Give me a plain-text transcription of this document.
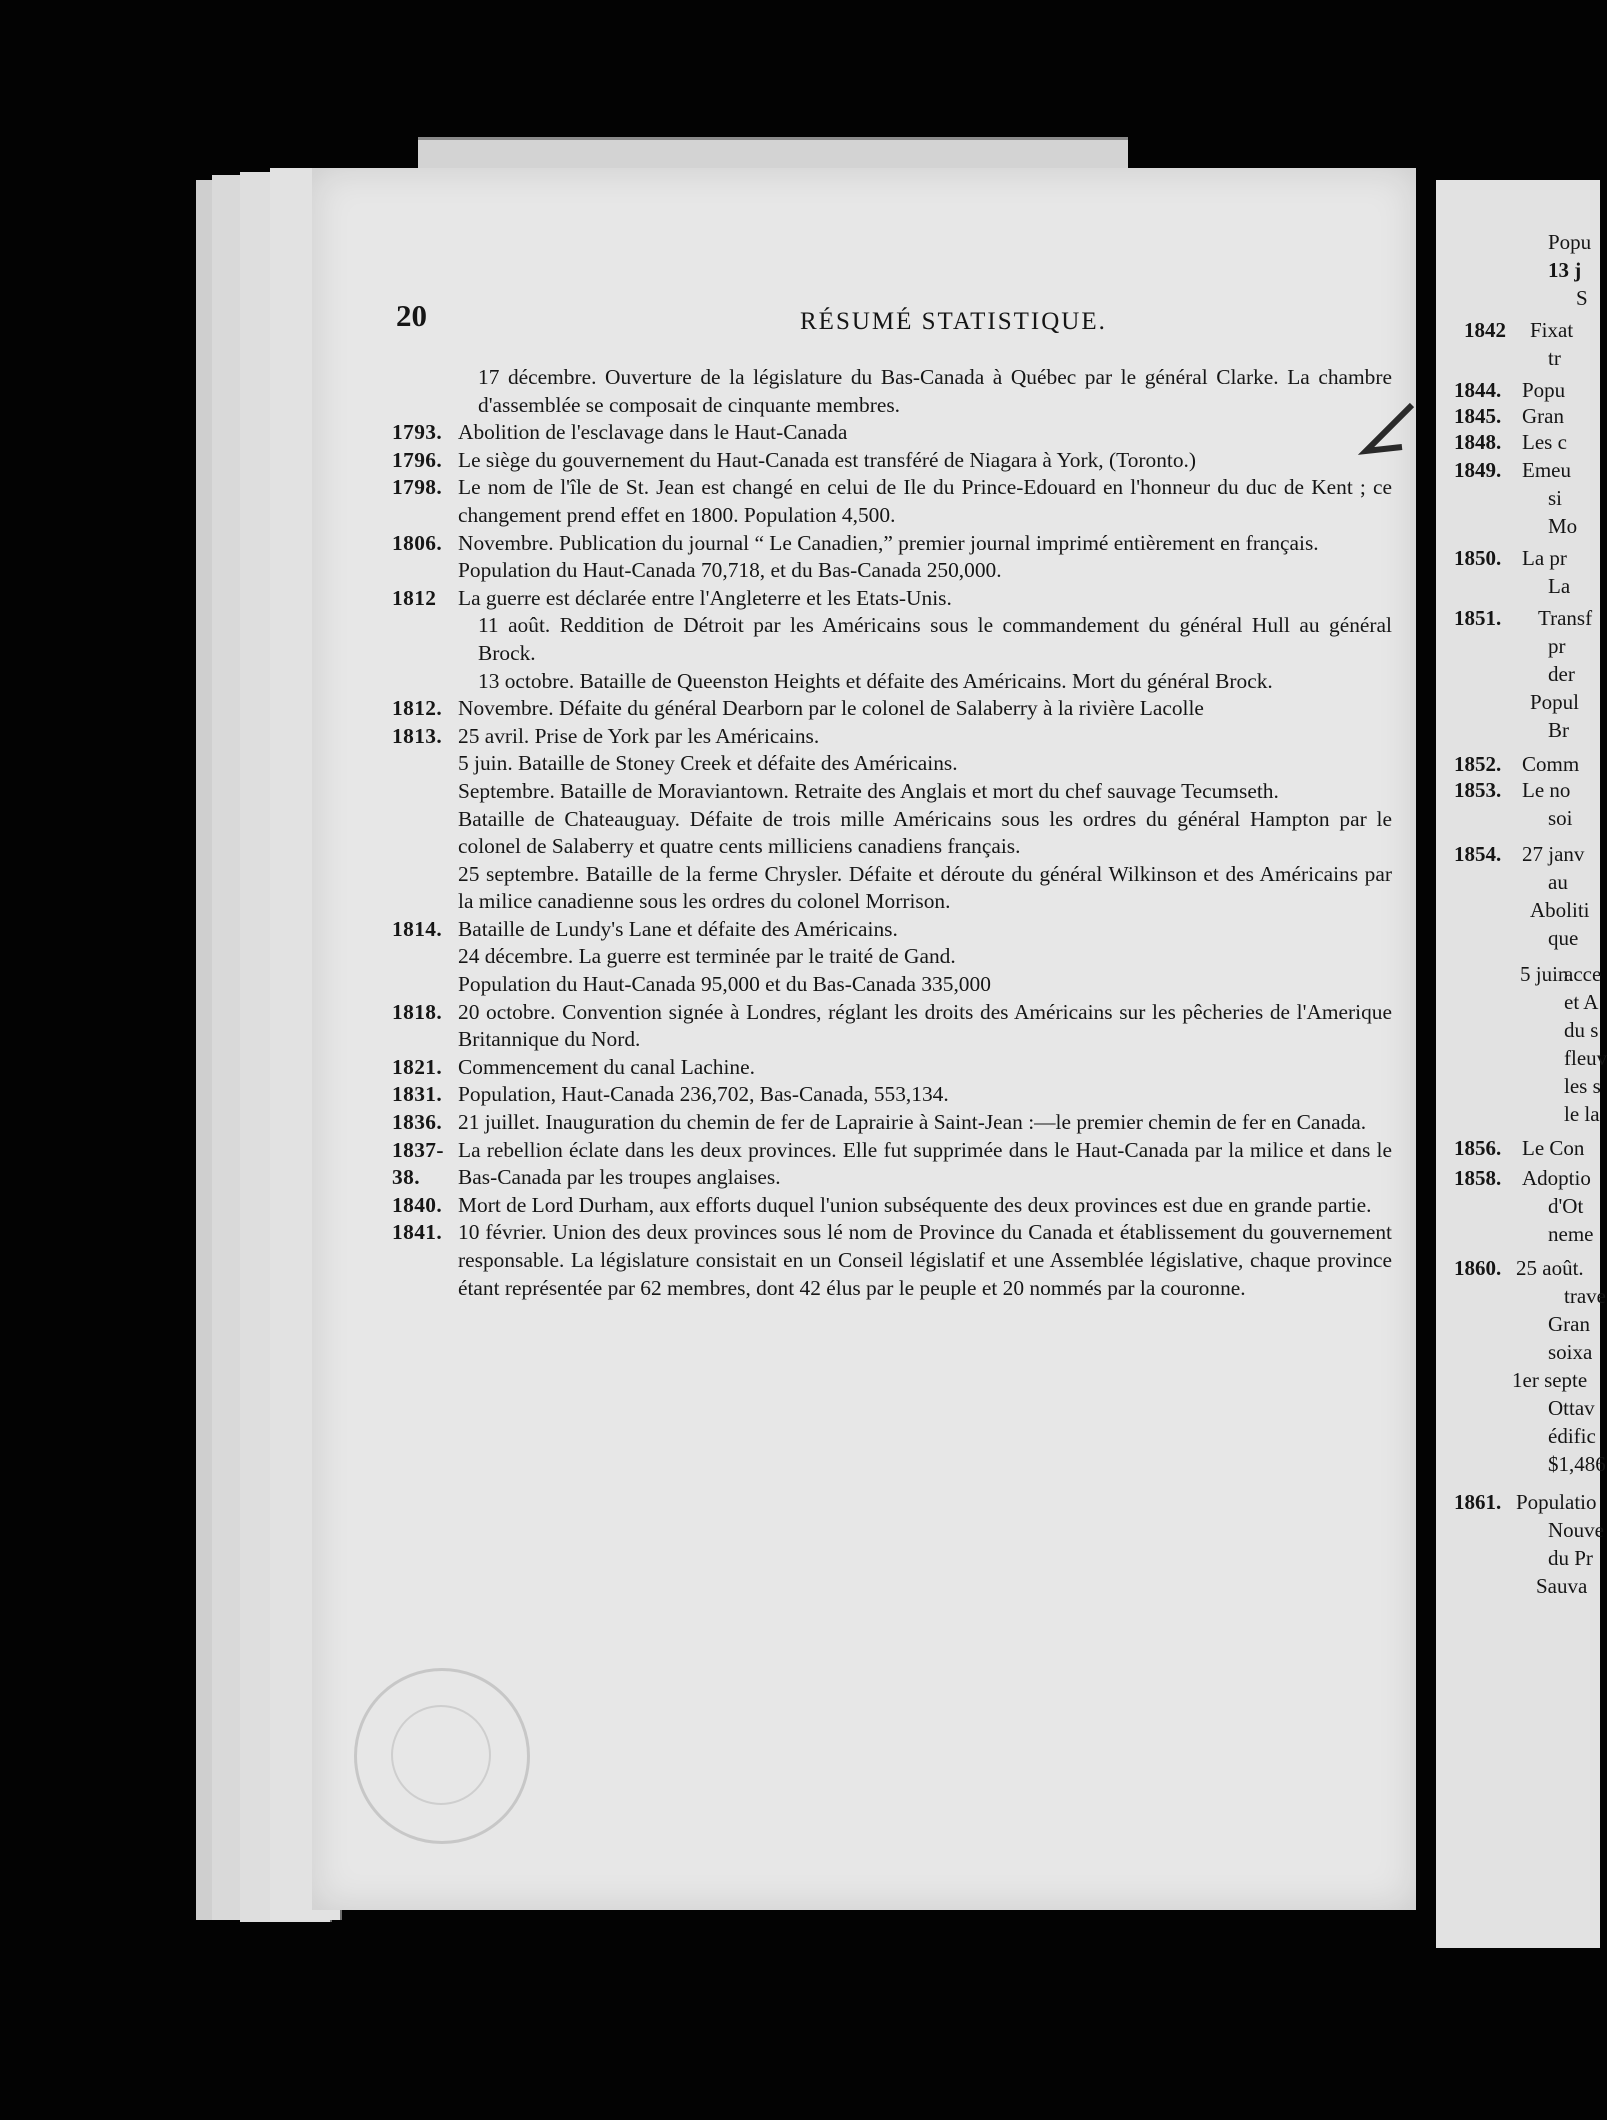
20	RÉSUMÉ STATISTIQUE.
17 décembre. Ouverture de la législature du Bas-Canada à Québec par le général Clarke. La chambre d'assemblée se composait de cinquante membres.
1793. Abolition de l'esclavage dans le Haut-Canada
1796. Le siège du gouvernement du Haut-Canada est transféré de Niagara à York, (Toronto.)
1798. Le nom de l'île de St. Jean est changé en celui de Ile du Prince-Edouard en l'honneur du duc de Kent ; ce changement prend effet en 1800. Population 4,500.
1806. Novembre. Publication du journal “ Le Canadien,” premier journal imprimé entièrement en français.
Population du Haut-Canada 70,718, et du Bas-Canada 250,000.
1812	La guerre est déclarée entre l'Angleterre et les Etats-Unis.
11 août. Reddition de Détroit par les Américains sous le commandement du général Hull au général Brock.
13 octobre. Bataille de Queenston Heights et défaite des Américains. Mort du général Brock.
1812. Novembre. Défaite du général Dearborn par le colonel de Salaberry à la rivière Lacolle
1813. 25 avril. Prise de York par les Américains.
5 juin. Bataille de Stoney Creek et défaite des Américains.
Septembre. Bataille de Moraviantown. Retraite des Anglais et mort du chef sauvage Tecumseth.
Bataille de Chateauguay. Défaite de trois mille Américains sous les ordres du général Hampton par le colonel de Salaberry et quatre cents milliciens canadiens français.
25 septembre. Bataille de la ferme Chrysler. Défaite et déroute du général Wilkinson et des Américains par la milice canadienne sous les ordres du colonel Morrison.
1814. Bataille de Lundy's Lane et défaite des Américains.
24 décembre. La guerre est terminée par le traité de Gand.
Population du Haut-Canada 95,000 et du Bas-Canada 335,000
1818. 20 octobre. Convention signée à Londres, réglant les droits des Américains sur les pêcheries de l'Amerique Britannique du Nord.
1821. Commencement du canal Lachine.
1831. Population, Haut-Canada 236,702, Bas-Canada, 553,134.
1836. 21 juillet. Inauguration du chemin de fer de Laprairie à Saint-Jean :—le premier chemin de fer en Canada.
1837-38.
La rebellion éclate dans les deux provinces. Elle fut supprimée dans le Haut-Canada par la milice et dans le Bas-Canada par les troupes anglaises.
1840. Mort de Lord Durham, aux efforts duquel l'union subséquente des deux provinces est due en grande partie.
1841. 10 février. Union des deux provinces sous lé nom de Province du Canada et établissement du gouvernement responsable. La législature consistait en un Conseil législatif et une Assemblée législative, chaque province étant représentée par 62 membres, dont 42 élus par le peuple et 20 nommés par la couronne.
Popu
13 j
S
1842 Fixat
tr
1844. Popu
1845. Gran
1848. Les c
1849. Emeu
si
Mo
1850. La pr
La
1851. Transf
pr
der
Popul
Br
1852. Comm
1853. Le no
soi
1854. 27 janv
au
Aboliti
que
5 juin.
acce
et A
du s
fleuv
les s
le la
1856. Le Con
1858. Adoptio
d'Ot
neme
1860. 25 août.
trave
Gran
soixa
1er septe
Ottav
édific
$1,486
1861. Populatio
Nouve
du Pr
Sauva
